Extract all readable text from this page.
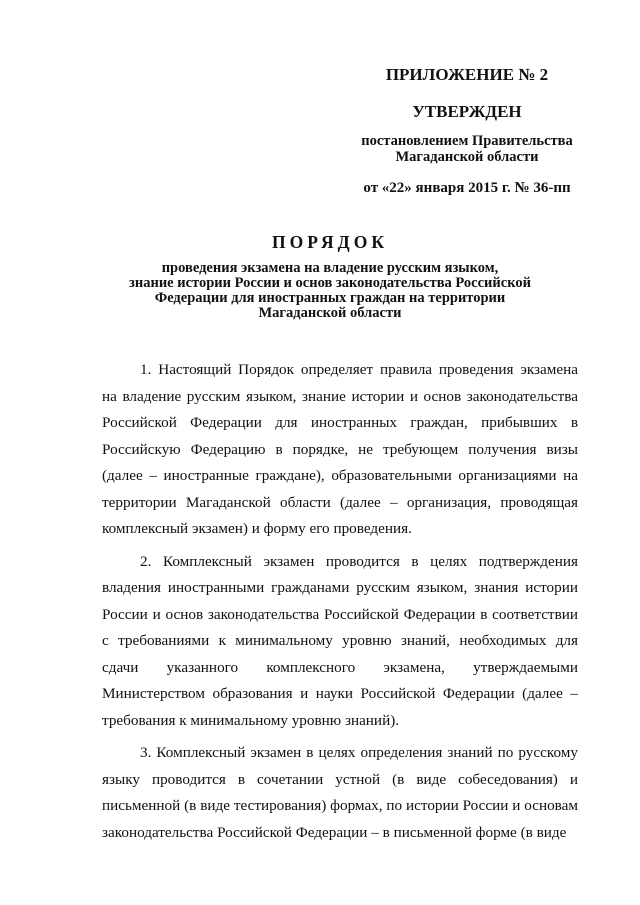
ПРИЛОЖЕНИЕ № 2
УТВЕРЖДЕН
постановлением Правительства
Магаданской области
от «22» января 2015 г. № 36-пп
ПОРЯДОК
проведения экзамена на владение русским языком,
знание истории России и основ законодательства Российской
Федерации для иностранных граждан на территории
Магаданской области

1. Настоящий Порядок определяет правила проведения экзамена на владение русским языком, знание истории и основ законодательства Российской Федерации для иностранных граждан, прибывших в Российскую Федерацию в порядке, не требующем получения визы (далее – иностранные граждане), образовательными организациями на территории Магаданской области (далее – организация, проводящая комплексный экзамен) и форму его проведения.

2. Комплексный экзамен проводится в целях подтверждения владения иностранными гражданами русским языком, знания истории России и основ законодательства Российской Федерации в соответствии с требованиями к минимальному уровню знаний, необходимых для сдачи указанного комплексного экзамена, утверждаемыми Министерством образования и науки Российской Федерации (далее – требования к минимальному уровню знаний).

3. Комплексный экзамен в целях определения знаний по русскому языку проводится в сочетании устной (в виде собеседования) и письменной (в виде тестирования) формах, по истории России и основам законодательства Российской Федерации – в письменной форме (в виде
